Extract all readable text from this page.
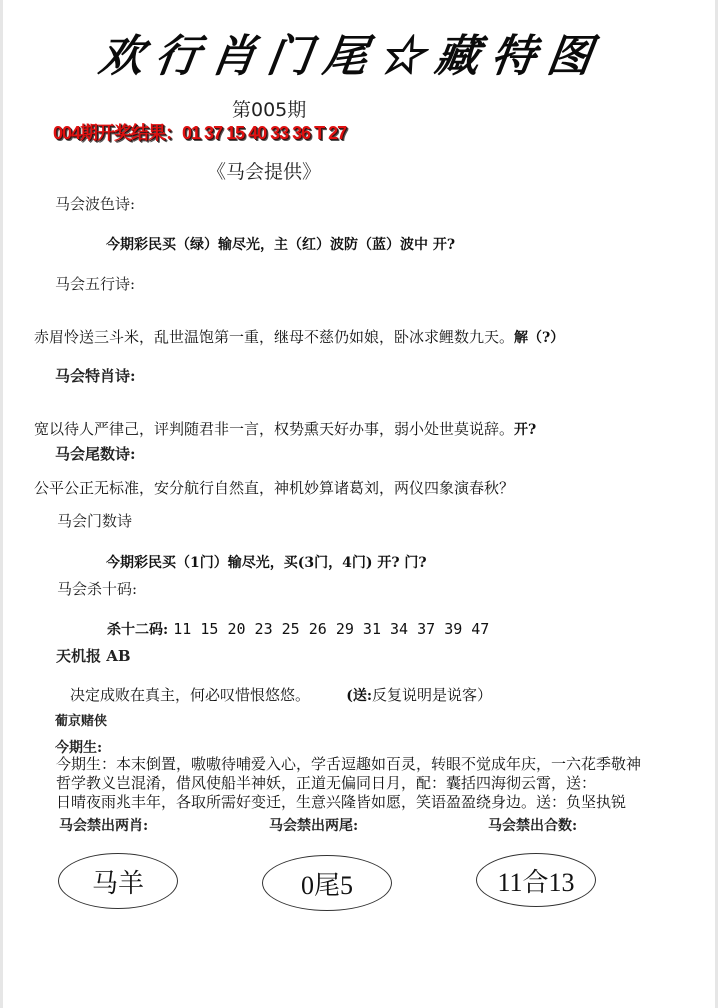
欢行肖门尾☆藏特图
第005期
004期开奖结果：01 37 15 40 33 36 T 27
《马会提供》
马会波色诗:
今期彩民买（绿）输尽光，主（红）波防（蓝）波中 开?
马会五行诗:
赤眉怜送三斗米，乱世温饱第一重，继母不慈仍如娘，卧冰求鲤数九天。解（?）
马会特肖诗:
宽以待人严律己，评判随君非一言，权势熏天好办事，弱小处世莫说辞。开?
马会尾数诗:
公平公正无标准，安分航行自然直，神机妙算诸葛刘，两仪四象演春秋？
马会门数诗
今期彩民买（1门）输尽光，买(3门，4门) 开? 门?
马会杀十码:
杀十二码: 11 15 20 23 25 26 29 31 34 37 39 47
天机报 AB
决定成败在真主，何必叹惜恨悠悠。	(送:反复说明是说客）
葡京赌侠
今期生:
今期生：本末倒置，嗷嗷待哺爱入心，学舌逗趣如百灵，转眼不觉成年庆，一六花季敬神
哲学教义岂混淆，借风使船半神妖，正道无偏同日月，配：囊括四海彻云霄，送：
日晴夜雨兆丰年，各取所需好变迁，生意兴隆皆如愿，笑语盈盈绕身边。送：负坚执锐
马会禁出两肖:	马会禁出两尾:	马会禁出合数:
马羊	0尾5	11合13
